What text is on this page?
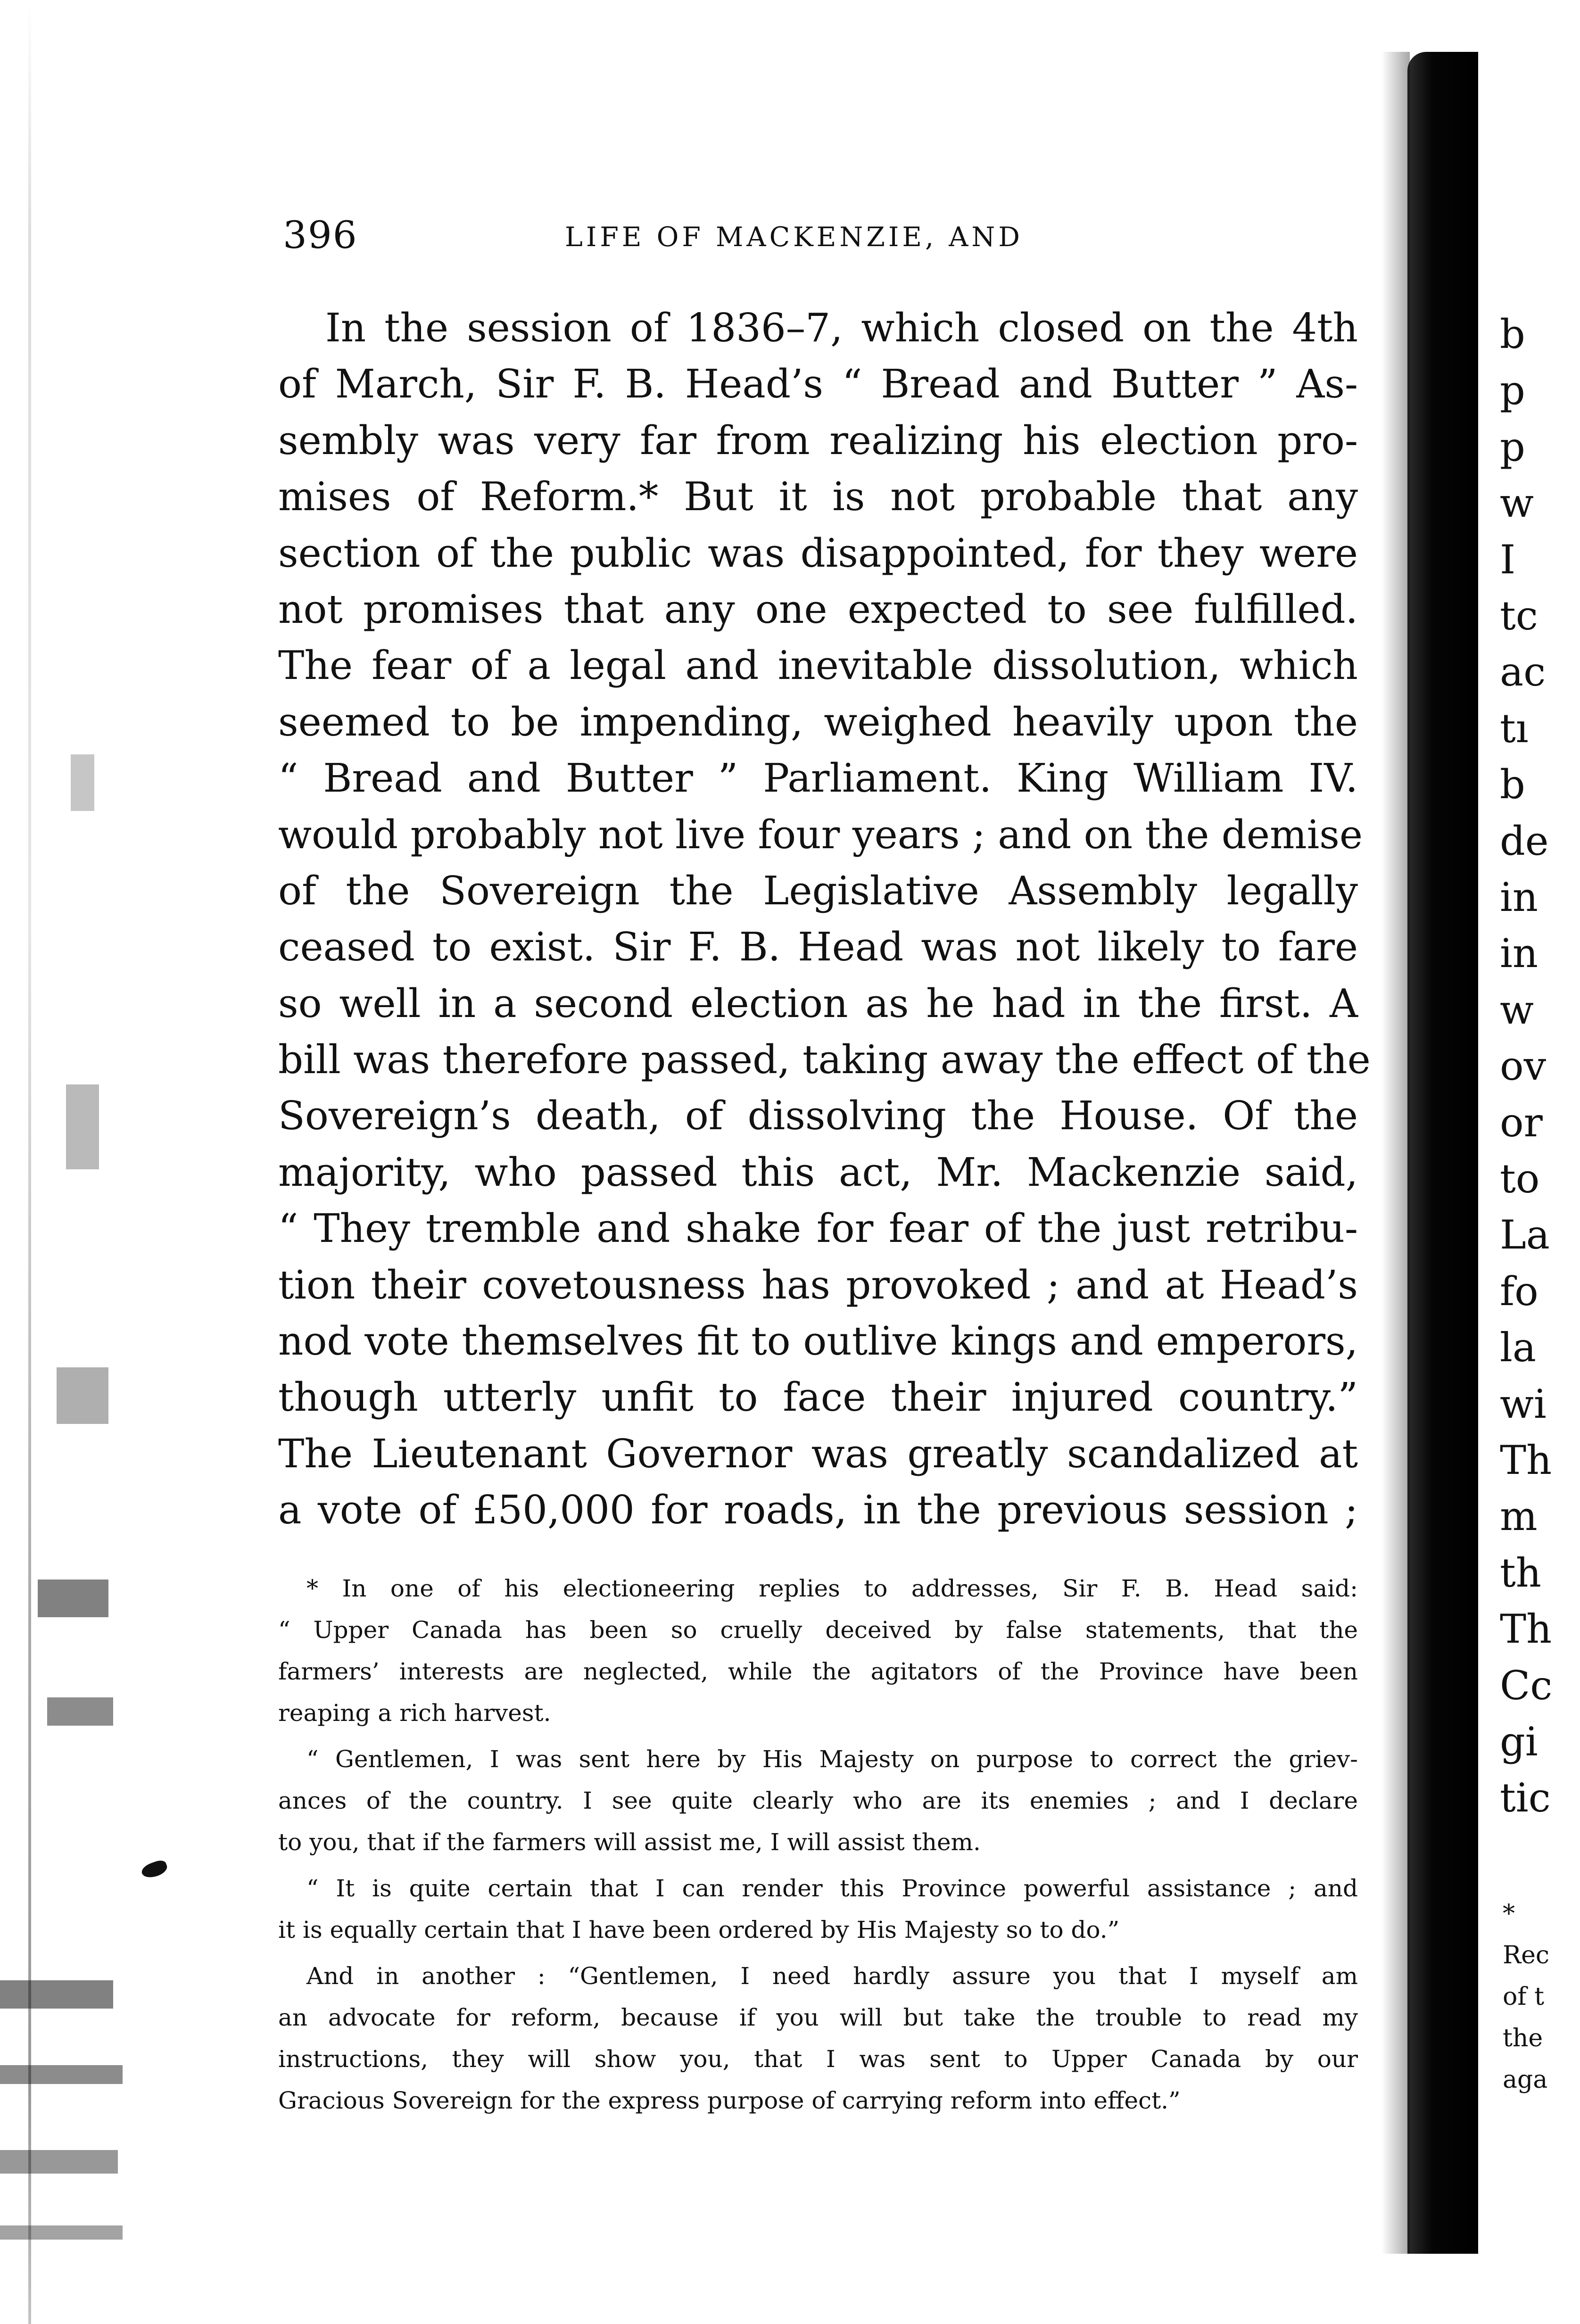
396	LIFE OF MACKENZIE, AND
In the session of 1836–7, which closed on the 4th
of March, Sir F. B. Head’s “ Bread and Butter ” As-
sembly was very far from realizing his election pro-
mises of Reform.* But it is not probable that any
section of the public was disappointed, for they were
not promises that any one expected to see fulfilled.
The fear of a legal and inevitable dissolution, which
seemed to be impending, weighed heavily upon the
“ Bread and Butter ” Parliament. King William IV.
would probably not live four years ; and on the demise
of the Sovereign the Legislative Assembly legally
ceased to exist. Sir F. B. Head was not likely to fare
so well in a second election as he had in the first. A
bill was therefore passed, taking away the effect of the
Sovereign’s death, of dissolving the House. Of the
majority, who passed this act, Mr. Mackenzie said,
“ They tremble and shake for fear of the just retribu-
tion their covetousness has provoked ; and at Head’s
nod vote themselves fit to outlive kings and emperors,
though utterly unfit to face their injured country.”
The Lieutenant Governor was greatly scandalized at
a vote of £50,000 for roads, in the previous session ;
* In one of his electioneering replies to addresses, Sir F. B. Head said:
“ Upper Canada has been so cruelly deceived by false statements, that the
farmers’ interests are neglected, while the agitators of the Province have been
reaping a rich harvest.
“ Gentlemen, I was sent here by His Majesty on purpose to correct the griev-
ances of the country. I see quite clearly who are its enemies ; and I declare
to you, that if the farmers will assist me, I will assist them.
“ It is quite certain that I can render this Province powerful assistance ; and
it is equally certain that I have been ordered by His Majesty so to do.”
And in another : “Gentlemen, I need hardly assure you that I myself am
an advocate for reform, because if you will but take the trouble to read my
instructions, they will show you, that I was sent to Upper Canada by our
Gracious Sovereign for the express purpose of carrying reform into effect.”
b
p
p
w
I
tc
ac
tı
b
de
in
in
w
ov
or
to
La
fo
la
wi
Th
m
th
Th
Cc
gi
tic
*
Rec
of t
the
aga
